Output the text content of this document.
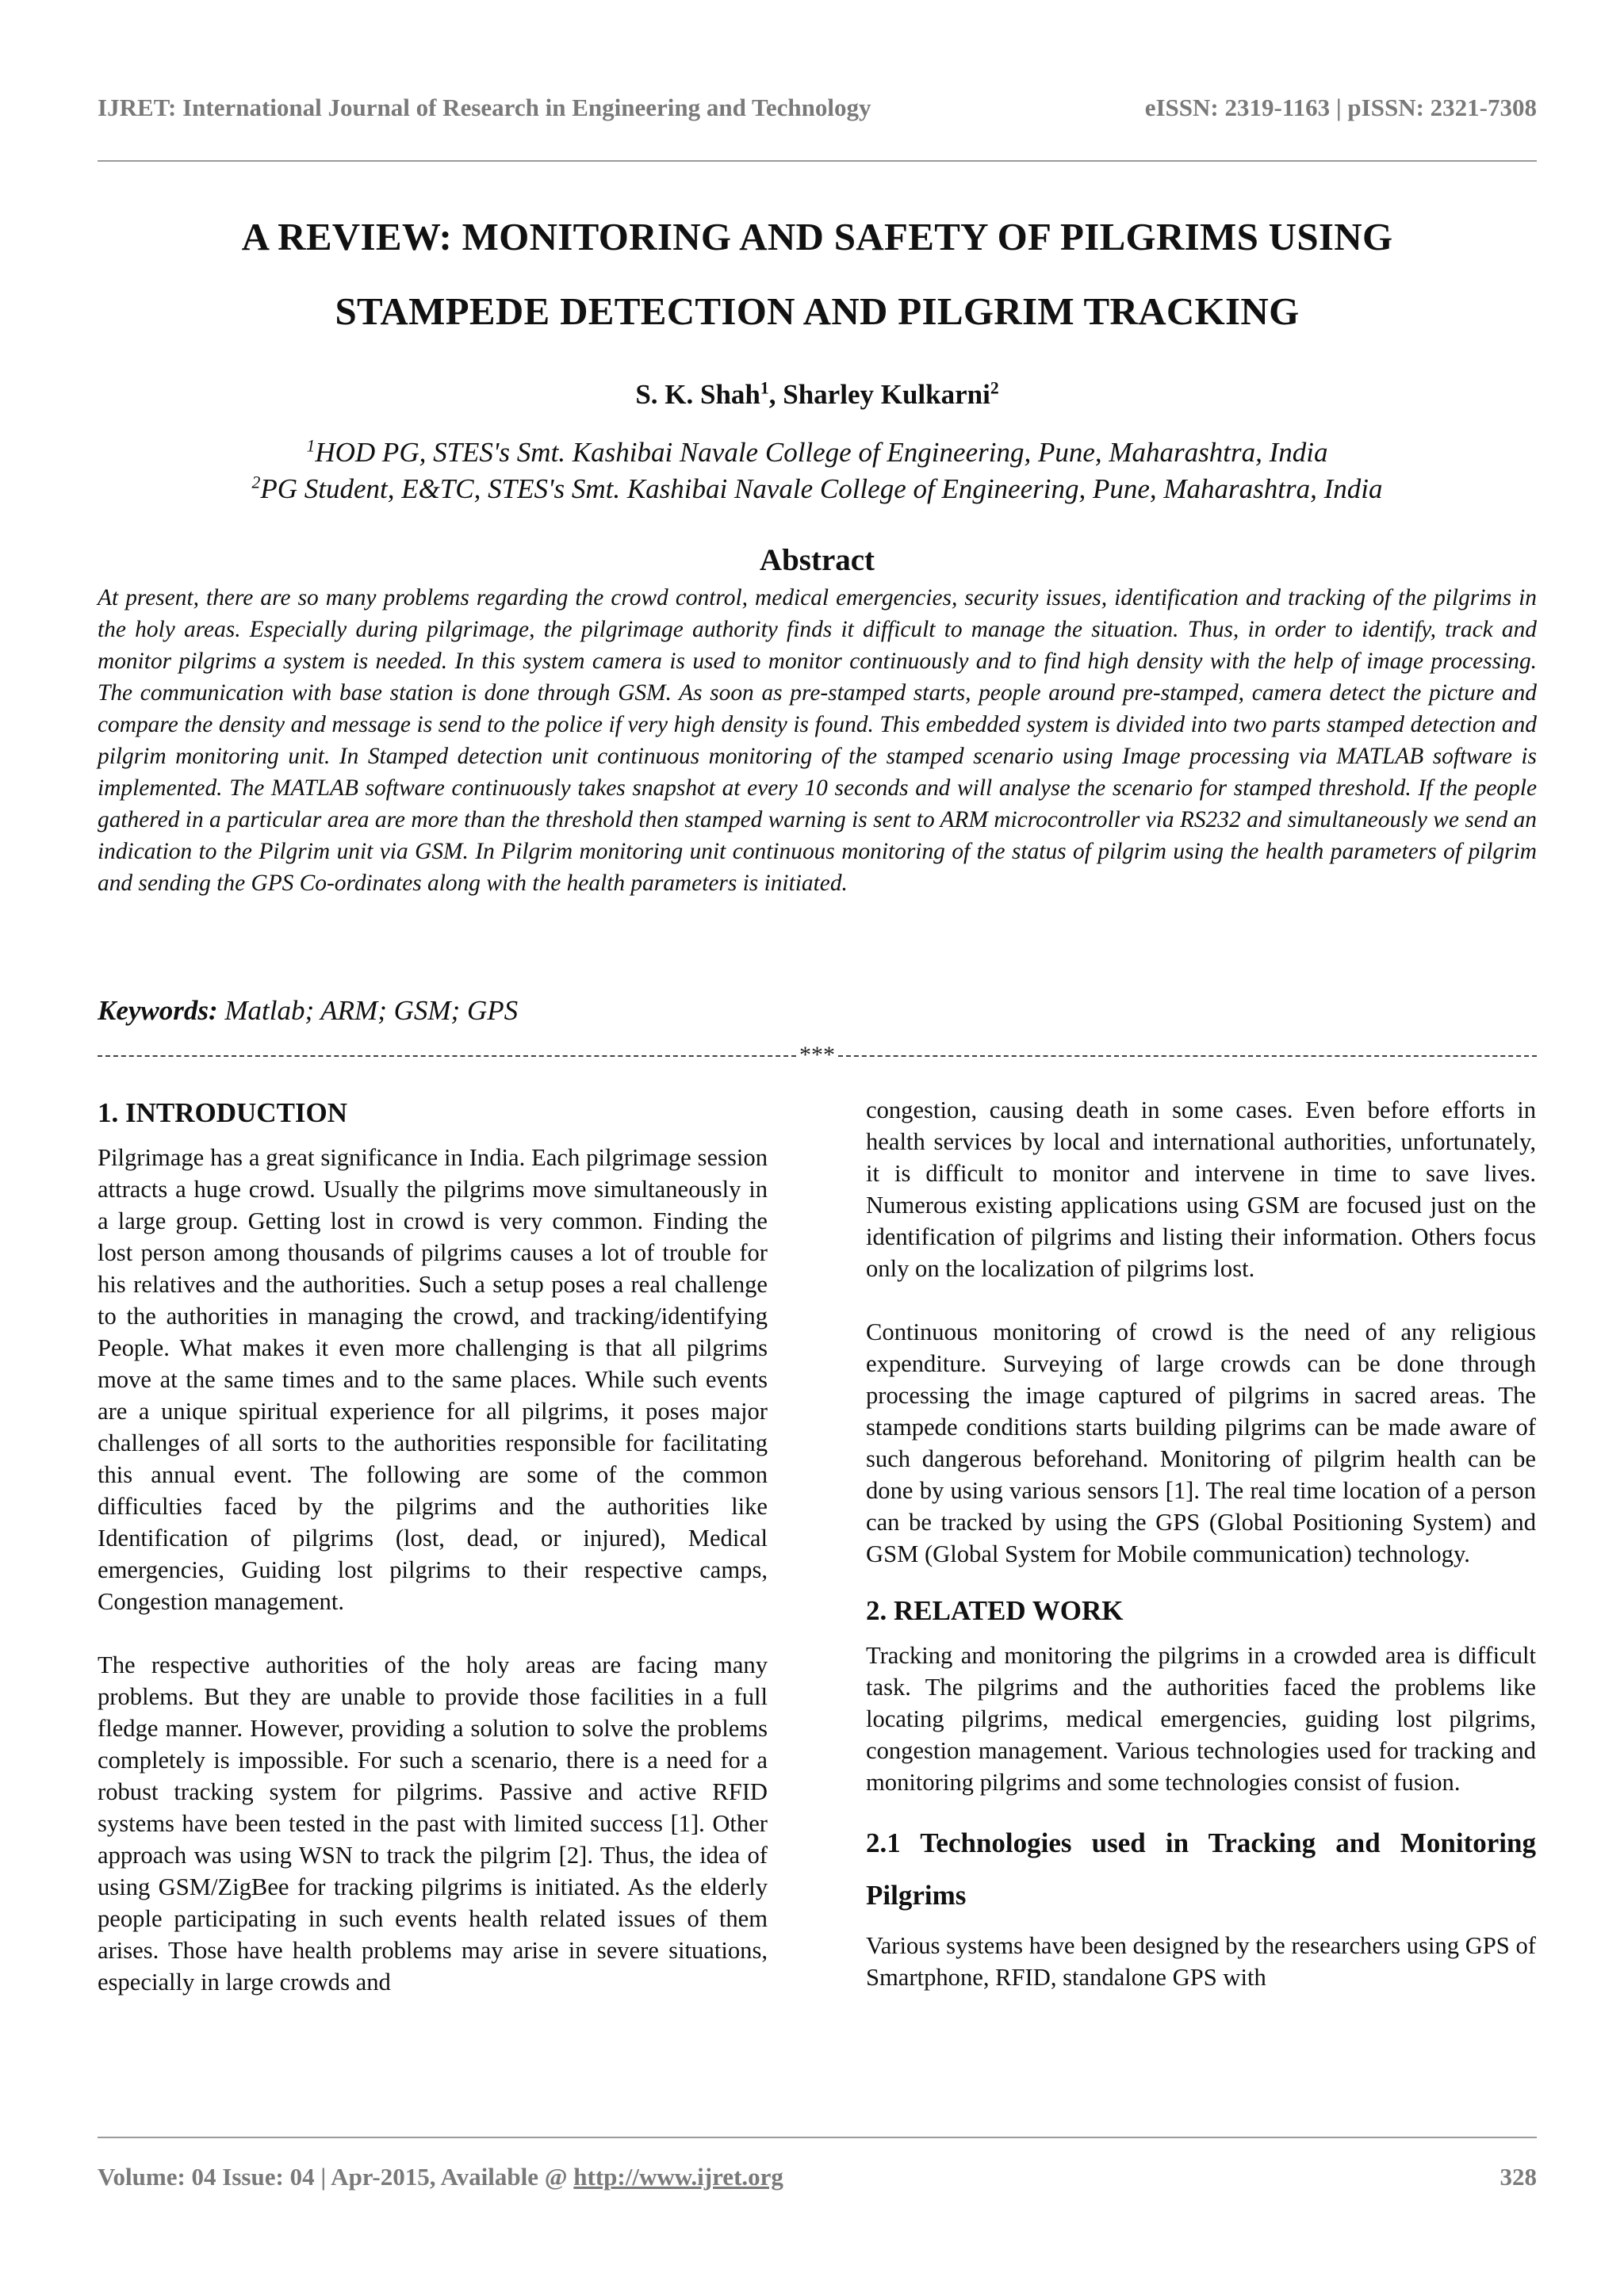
IJRET: International Journal of Research in Engineering and Technology	eISSN: 2319-1163 | pISSN: 2321-7308
A REVIEW: MONITORING AND SAFETY OF PILGRIMS USING
STAMPEDE DETECTION AND PILGRIM TRACKING
S. K. Shah$^1$, Sharley Kulkarni$^2$
$^1$HOD PG, STES's Smt. Kashibai Navale College of Engineering, Pune, Maharashtra, India
$^2$PG Student, E&TC, STES's Smt. Kashibai Navale College of Engineering, Pune, Maharashtra, India
Abstract

At present, there are so many problems regarding the crowd control, medical emergencies, security issues, identification and tracking of the pilgrims in the holy areas. Especially during pilgrimage, the pilgrimage authority finds it difficult to manage the situation. Thus, in order to identify, track and monitor pilgrims a system is needed. In this system camera is used to monitor continuously and to find high density with the help of image processing. The communication with base station is done through GSM. As soon as pre-stamped starts, people around pre-stamped, camera detect the picture and compare the density and message is send to the police if very high density is found. This embedded system is divided into two parts stamped detection and pilgrim monitoring unit. In Stamped detection unit continuous monitoring of the stamped scenario using Image processing via MATLAB software is implemented. The MATLAB software continuously takes snapshot at every 10 seconds and will analyse the scenario for stamped threshold. If the people gathered in a particular area are more than the threshold then stamped warning is sent to ARM microcontroller via RS232 and simultaneously we send an indication to the Pilgrim unit via GSM. In Pilgrim monitoring unit continuous monitoring of the status of pilgrim using the health parameters of pilgrim and sending the GPS Co-ordinates along with the health parameters is initiated.

Keywords: Matlab; ARM; GSM; GPS
***
1. INTRODUCTION

Pilgrimage has a great significance in India. Each pilgrimage session attracts a huge crowd. Usually the pilgrims move simultaneously in a large group. Getting lost in crowd is very common. Finding the lost person among thousands of pilgrims causes a lot of trouble for his relatives and the authorities. Such a setup poses a real challenge to the authorities in managing the crowd, and tracking/identifying People. What makes it even more challenging is that all pilgrims move at the same times and to the same places. While such events are a unique spiritual experience for all pilgrims, it poses major challenges of all sorts to the authorities responsible for facilitating this annual event. The following are some of the common difficulties faced by the pilgrims and the authorities like Identification of pilgrims (lost, dead, or injured), Medical emergencies, Guiding lost pilgrims to their respective camps, Congestion management.

The respective authorities of the holy areas are facing many problems. But they are unable to provide those facilities in a full fledge manner. However, providing a solution to solve the problems completely is impossible. For such a scenario, there is a need for a robust tracking system for pilgrims. Passive and active RFID systems have been tested in the past with limited success [1]. Other approach was using WSN to track the pilgrim [2]. Thus, the idea of using GSM/ZigBee for tracking pilgrims is initiated. As the elderly people participating in such events health related issues of them arises. Those have health problems may arise in severe situations, especially in large crowds and

congestion, causing death in some cases. Even before efforts in health services by local and international authorities, unfortunately, it is difficult to monitor and intervene in time to save lives. Numerous existing applications using GSM are focused just on the identification of pilgrims and listing their information. Others focus only on the localization of pilgrims lost.

Continuous monitoring of crowd is the need of any religious expenditure. Surveying of large crowds can be done through processing the image captured of pilgrims in sacred areas. The stampede conditions starts building pilgrims can be made aware of such dangerous beforehand. Monitoring of pilgrim health can be done by using various sensors [1]. The real time location of a person can be tracked by using the GPS (Global Positioning System) and GSM (Global System for Mobile communication) technology.

2. RELATED WORK

Tracking and monitoring the pilgrims in a crowded area is difficult task. The pilgrims and the authorities faced the problems like locating pilgrims, medical emergencies, guiding lost pilgrims, congestion management. Various technologies used for tracking and monitoring pilgrims and some technologies consist of fusion.

2.1 Technologies used in Tracking and Monitoring Pilgrims

Various systems have been designed by the researchers using GPS of Smartphone, RFID, standalone GPS with

Volume: 04 Issue: 04 | Apr-2015, Available @ http://www.ijret.org	328
